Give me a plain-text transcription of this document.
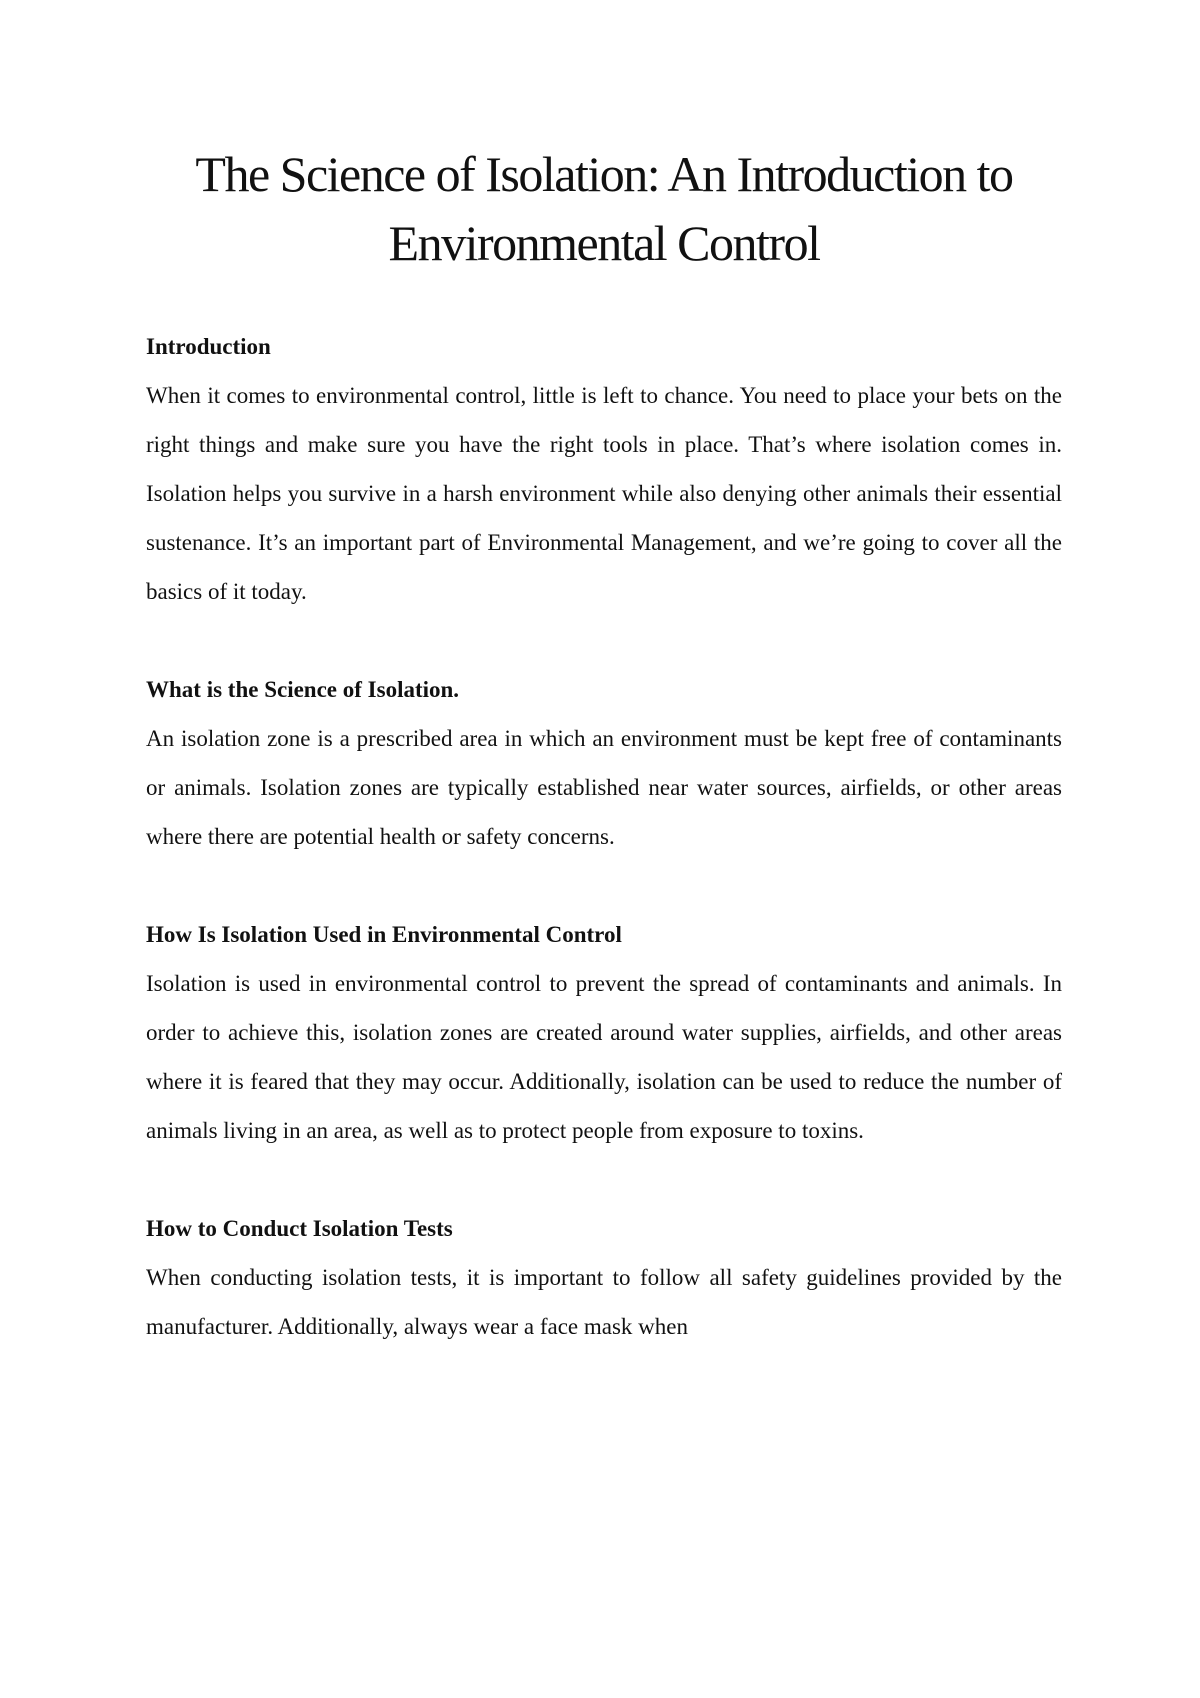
The Science of Isolation: An Introduction to Environmental Control
Introduction

When it comes to environmental control, little is left to chance. You need to place your bets on the right things and make sure you have the right tools in place. That’s where isolation comes in. Isolation helps you survive in a harsh environment while also denying other animals their essential sustenance. It’s an important part of Environmental Management, and we’re going to cover all the basics of it today.

What is the Science of Isolation.

An isolation zone is a prescribed area in which an environment must be kept free of contaminants or animals. Isolation zones are typically established near water sources, airfields, or other areas where there are potential health or safety concerns.

How Is Isolation Used in Environmental Control

Isolation is used in environmental control to prevent the spread of contaminants and animals. In order to achieve this, isolation zones are created around water supplies, airfields, and other areas where it is feared that they may occur. Additionally, isolation can be used to reduce the number of animals living in an area, as well as to protect people from exposure to toxins.

How to Conduct Isolation Tests

When conducting isolation tests, it is important to follow all safety guidelines provided by the manufacturer. Additionally, always wear a face mask when
